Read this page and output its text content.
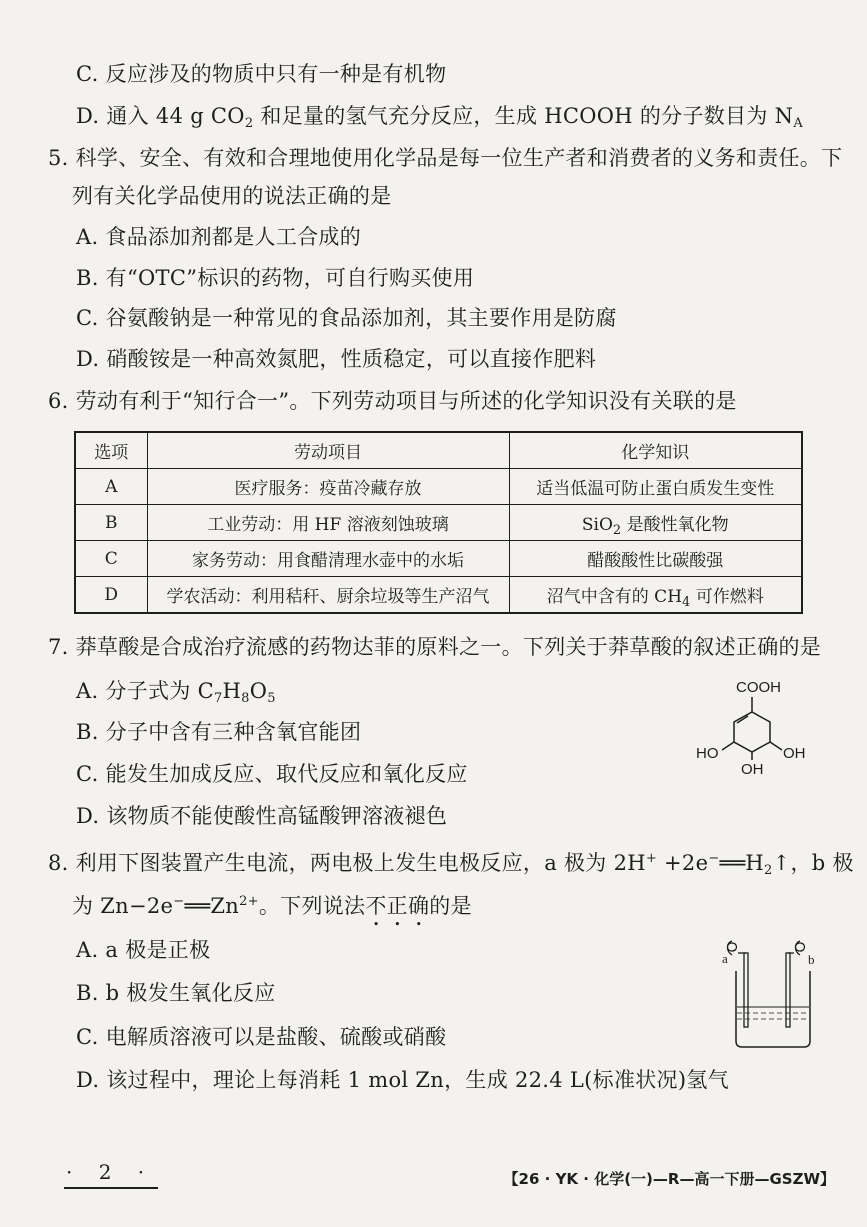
C. 反应涉及的物质中只有一种是有机物
D. 通入 44 g $CO_2$ 和足量的氢气充分反应，生成 HCOOH 的分子数目为 $N_A$
5. 科学、安全、有效和合理地使用化学品是每一位生产者和消费者的义务和责任。下
列有关化学品使用的说法正确的是
A. 食品添加剂都是人工合成的
B. 有“OTC”标识的药物，可自行购买使用
C. 谷氨酸钠是一种常见的食品添加剂，其主要作用是防腐
D. 硝酸铵是一种高效氮肥，性质稳定，可以直接作肥料
6. 劳动有利于“知行合一”。下列劳动项目与所述的化学知识没有关联的是
选项	劳动项目	化学知识
A	医疗服务：疫苗冷藏存放	适当低温可防止蛋白质发生变性
B	工业劳动：用 HF 溶液刻蚀玻璃	SiO$_2$ 是酸性氧化物
C	家务劳动：用食醋清理水壶中的水垢	醋酸酸性比碳酸强
D	学农活动：利用秸秆、厨余垃圾等生产沼气	沼气中含有的 $CH_4$ 可作燃料
7. 莽草酸是合成治疗流感的药物达菲的原料之一。下列关于莽草酸的叙述正确的是
A. 分子式为 $C_7H_8O_5$
B. 分子中含有三种含氧官能团
C. 能发生加成反应、取代反应和氧化反应
D. 该物质不能使酸性高锰酸钾溶液褪色
COOH
HO	OH
OH
8. 利用下图装置产生电流，两电极上发生电极反应，a 极为 $2H^+ +2e^-══H_2↑$，b 极
为 $Zn-2e^-══Zn^{2+}$。下列说法不正确的是
A. a 极是正极
B. b 极发生氧化反应
C. 电解质溶液可以是盐酸、硫酸或硝酸
D. 该过程中，理论上每消耗 1 mol Zn，生成 22.4 L(标准状况)氢气
a	b
· 2 ·	【26 · YK · 化学(一)—R—高一下册—GSZW】
